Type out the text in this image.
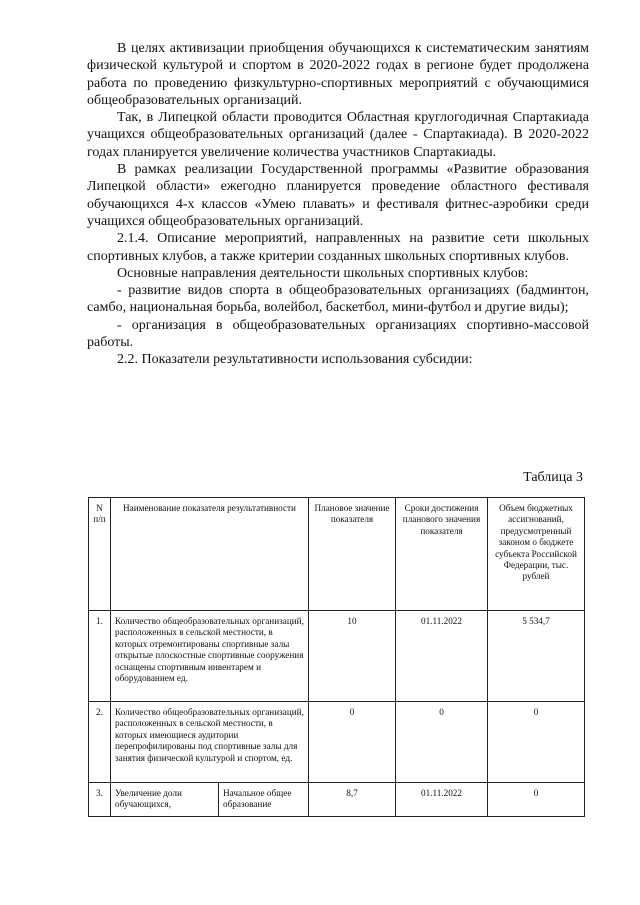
В целях активизации приобщения обучающихся к систематическим занятиям физической культурой и спортом в 2020-2022 годах в регионе будет продолжена работа по проведению физкультурно-спортивных мероприятий с обучающимися общеобразовательных организаций.

Так, в Липецкой области проводится Областная круглогодичная Спартакиада учащихся общеобразовательных организаций (далее - Спартакиада). В 2020-2022 годах планируется увеличение количества участников Спартакиады.

В рамках реализации Государственной программы «Развитие образования Липецкой области» ежегодно планируется проведение областного фестиваля обучающихся 4-х классов «Умею плавать» и фестиваля фитнес-аэробики среди учащихся общеобразовательных организаций.

2.1.4. Описание мероприятий, направленных на развитие сети школьных спортивных клубов, а также критерии созданных школьных спортивных клубов.

Основные направления деятельности школьных спортивных клубов:

- развитие видов спорта в общеобразовательных организациях (бадминтон, самбо, национальная борьба, волейбол, баскетбол, мини-футбол и другие виды);

- организация в общеобразовательных организациях спортивно-массовой работы.

2.2. Показатели результативности использования субсидии:

Таблица 3
N п/п	Наименование показателя результативности		Плановое значение показателя	Сроки достижения планового значения показателя	Объем бюджетных ассигнований, предусмотренный законом о бюджете субъекта Российской Федерации, тыс. рублей
1.	Количество общеобразовательных организаций, расположенных в сельской местности, в которых отремонтированы спортивные залы открытые плоскостные спортивные сооружения оснащены спортивным инвентарем и оборудованием ед.		10	01.11.2022	5 534,7
2.	Количество общеобразовательных организаций, расположенных в сельской местности, в которых имеющиеся аудитории перепрофилированы под спортивные залы для занятия физической культурой и спортом, ед.		0	0	0
3.	Увеличение доли обучающихся,	Начальное общее образование	8,7	01.11.2022	0
